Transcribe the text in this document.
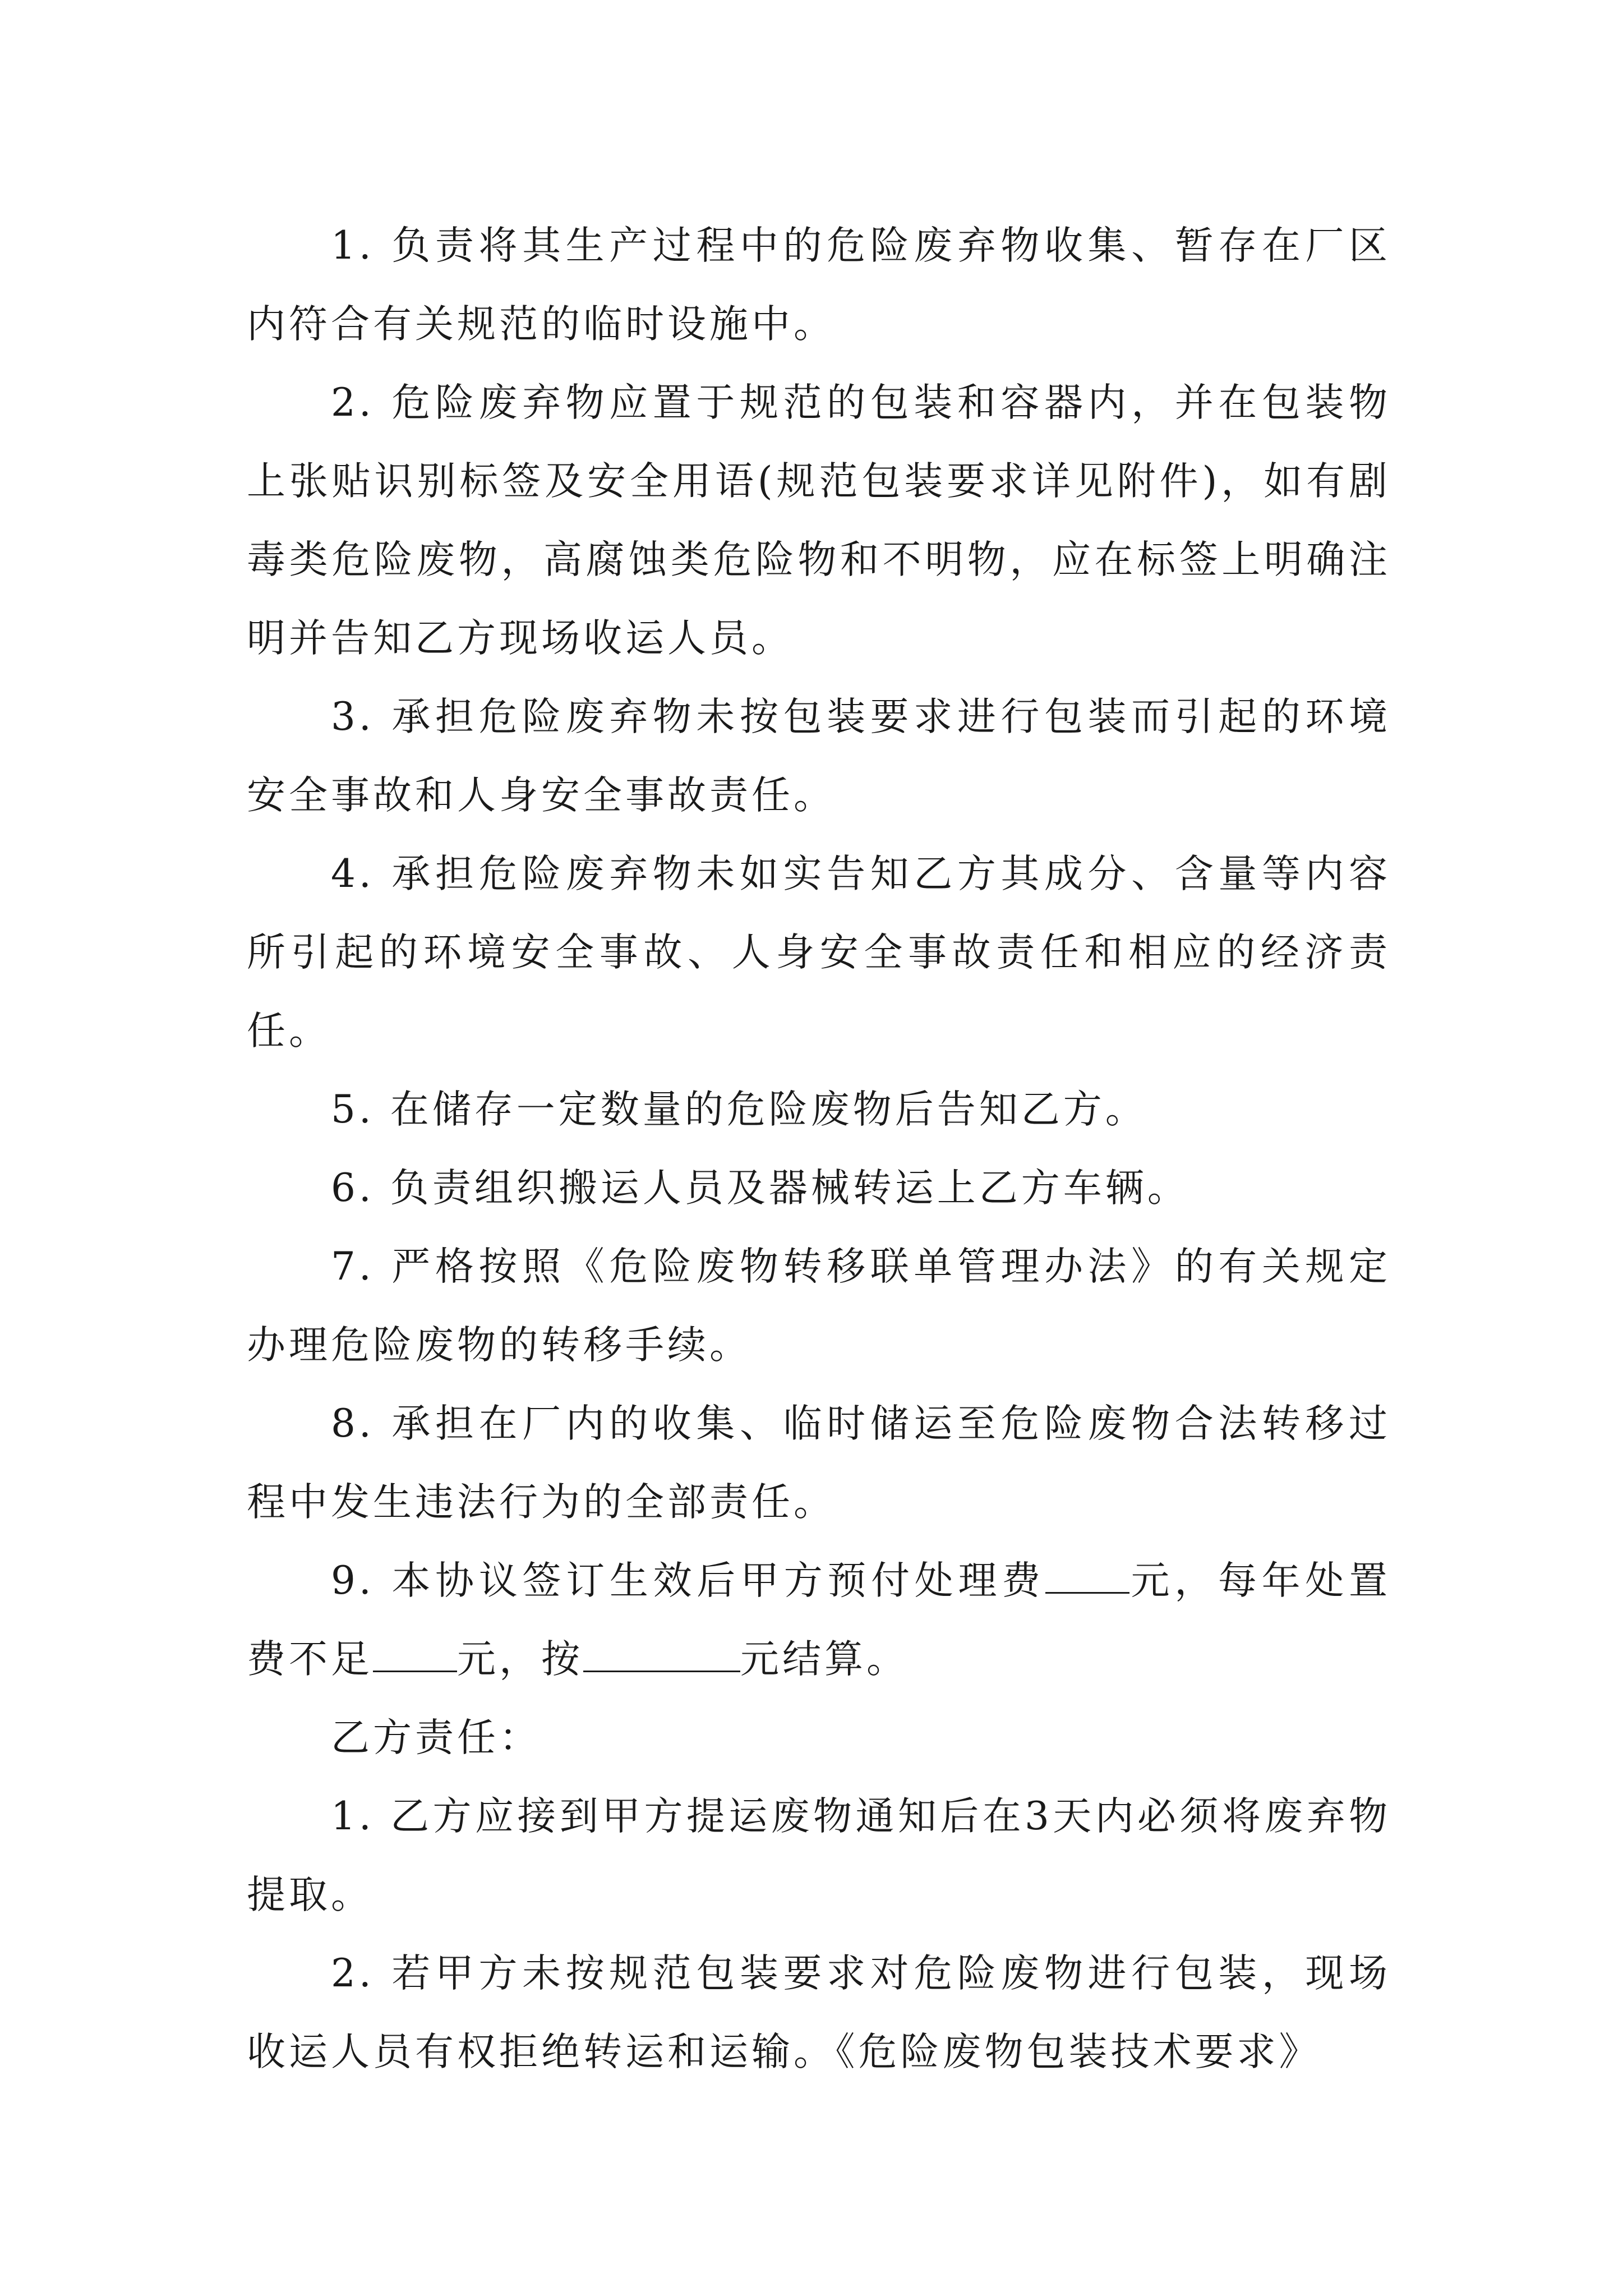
1. 负责将其生产过程中的危险废弃物收集、暂存在厂区内符合有关规范的临时设施中。

2. 危险废弃物应置于规范的包装和容器内，并在包装物上张贴识别标签及安全用语(规范包装要求详见附件)，如有剧毒类危险废物，高腐蚀类危险物和不明物，应在标签上明确注明并告知乙方现场收运人员。

3. 承担危险废弃物未按包装要求进行包装而引起的环境安全事故和人身安全事故责任。

4. 承担危险废弃物未如实告知乙方其成分、含量等内容所引起的环境安全事故、人身安全事故责任和相应的经济责任。

5. 在储存一定数量的危险废物后告知乙方。

6. 负责组织搬运人员及器械转运上乙方车辆。

7. 严格按照《危险废物转移联单管理办法》的有关规定办理危险废物的转移手续。

8. 承担在厂内的收集、临时储运至危险废物合法转移过程中发生违法行为的全部责任。

9. 本协议签订生效后甲方预付处理费 元，每年处置费不足 元，按	元结算。

乙方责任：

1. 乙方应接到甲方提运废物通知后在3天内必须将废弃物提取。

2. 若甲方未按规范包装要求对危险废物进行包装，现场收运人员有权拒绝转运和运输。《危险废物包装技术要求》
